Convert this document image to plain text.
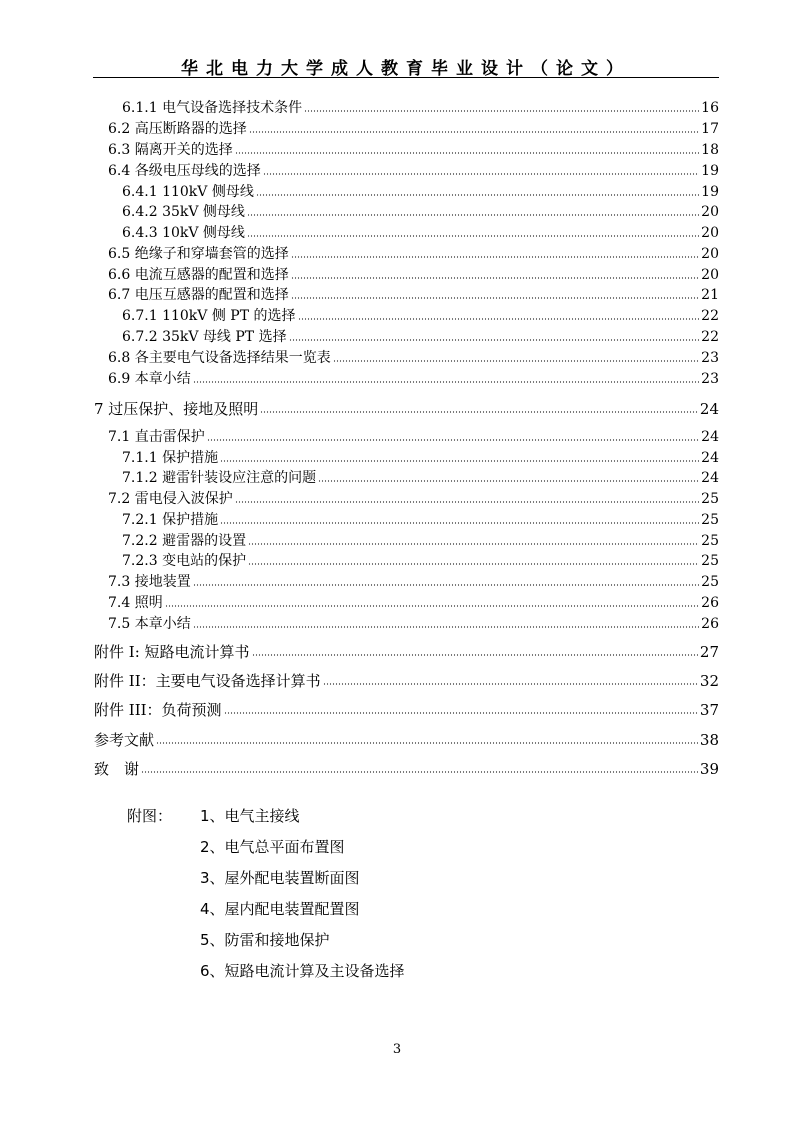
华北电力大学成人教育毕业设计（论文）
6.1.1 电气设备选择技术条件	16
6.2 高压断路器的选择	17
6.3 隔离开关的选择	18
6.4 各级电压母线的选择	19
6.4.1 110kV 侧母线	19
6.4.2 35kV 侧母线	20
6.4.3 10kV 侧母线	20
6.5 绝缘子和穿墙套管的选择	20
6.6 电流互感器的配置和选择	20
6.7 电压互感器的配置和选择	21
6.7.1 110kV 侧 PT 的选择	22
6.7.2 35kV 母线 PT 选择	22
6.8 各主要电气设备选择结果一览表	23
6.9 本章小结	23
7 过压保护、接地及照明	24
7.1 直击雷保护	24
7.1.1 保护措施	24
7.1.2 避雷针装设应注意的问题	24
7.2 雷电侵入波保护	25
7.2.1 保护措施	25
7.2.2 避雷器的设置	25
7.2.3 变电站的保护	25
7.3 接地装置	25
7.4 照明	26
7.5 本章小结	26
附件 I: 短路电流计算书	27
附件 II：主要电气设备选择计算书	32
附件 III：负荷预测	37
参考文献	38
致　谢	39
附图： 1、电气主接线
2、电气总平面布置图
3、屋外配电装置断面图
4、屋内配电装置配置图
5、防雷和接地保护
6、短路电流计算及主设备选择
3
